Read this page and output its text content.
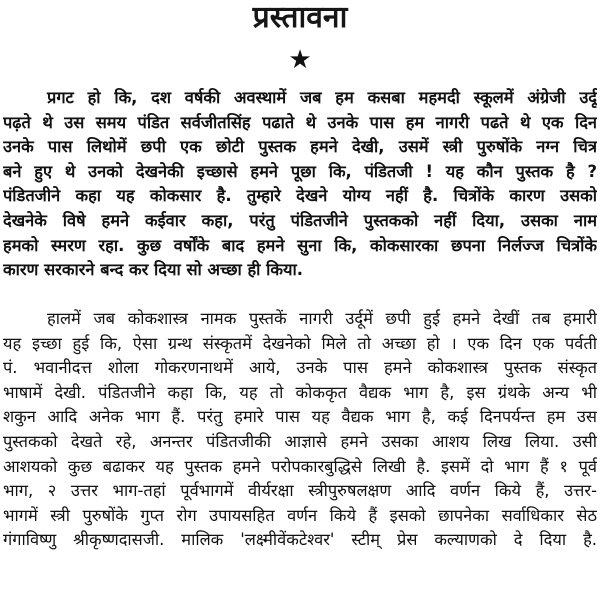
प्रस्तावना
★
प्रगट हो कि, दश वर्षकी अवस्थामें जब हम कसबा महमदी स्कूलमें अंग्रेजी उर्दू
पढ़ते थे उस समय पंडित सर्वजीतसिंह पढाते थे उनके पास हम नागरी पढते थे एक दिन
उनके पास लिथोमें छपी एक छोटी पुस्तक हमने देखी, उसमें स्त्री पुरुषोंके नग्न चित्र
बने हुए थे उनको देखनेकी इच्छासे हमने पूछा कि, पंडितजी ! यह कौन पुस्तक है ?
पंडितजीने कहा यह कोकसार है. तुम्हारे देखने योग्य नहीं है. चित्रोंके कारण उसको
देखनेके विषे हमने कईवार कहा, परंतु पंडितजीने पुस्तकको नहीं दिया, उसका नाम
हमको स्मरण रहा. कुछ वर्षोंके बाद हमने सुना कि, कोकसारका छपना निर्लज्ज चित्रोंके
कारण सरकारने बन्द कर दिया सो अच्छा ही किया.
हालमें जब कोकशास्त्र नामक पुस्तकें नागरी उर्दूमें छपी हुई हमने देखीं तब हमारी
यह इच्छा हुई कि, ऐसा ग्रन्थ संस्कृतमें देखनेको मिले तो अच्छा हो । एक दिन एक पर्वती
पं. भवानीदत्त शोला गोकरणनाथमें आये, उनके पास हमने कोकशास्त्र पुस्तक संस्कृत
भाषामें देखी. पंडितजीने कहा कि, यह तो कोककृत वैद्यक भाग है, इस ग्रंथके अन्य भी
शकुन आदि अनेक भाग हैं. परंतु हमारे पास यह वैद्यक भाग है, कई दिनपर्यन्त हम उस
पुस्तकको देखते रहे, अनन्तर पंडितजीकी आज्ञासे हमने उसका आशय लिख लिया. उसी
आशयको कुछ बढाकर यह पुस्तक हमने परोपकारबुद्धिसे लिखी है. इसमें दो भाग हैं १ पूर्व
भाग, २ उत्तर भाग-तहां पूर्वभागमें वीर्यरक्षा स्त्रीपुरुषलक्षण आदि वर्णन किये हैं, उत्तर-
भागमें स्त्री पुरुषोंके गुप्त रोग उपायसहित वर्णन किये हैं इसको छापनेका सर्वाधिकार सेठ
गंगाविष्णु श्रीकृष्णदासजी. मालिक 'लक्ष्मीवेंकटेश्वर' स्टीम् प्रेस कल्याणको दे दिया है.
